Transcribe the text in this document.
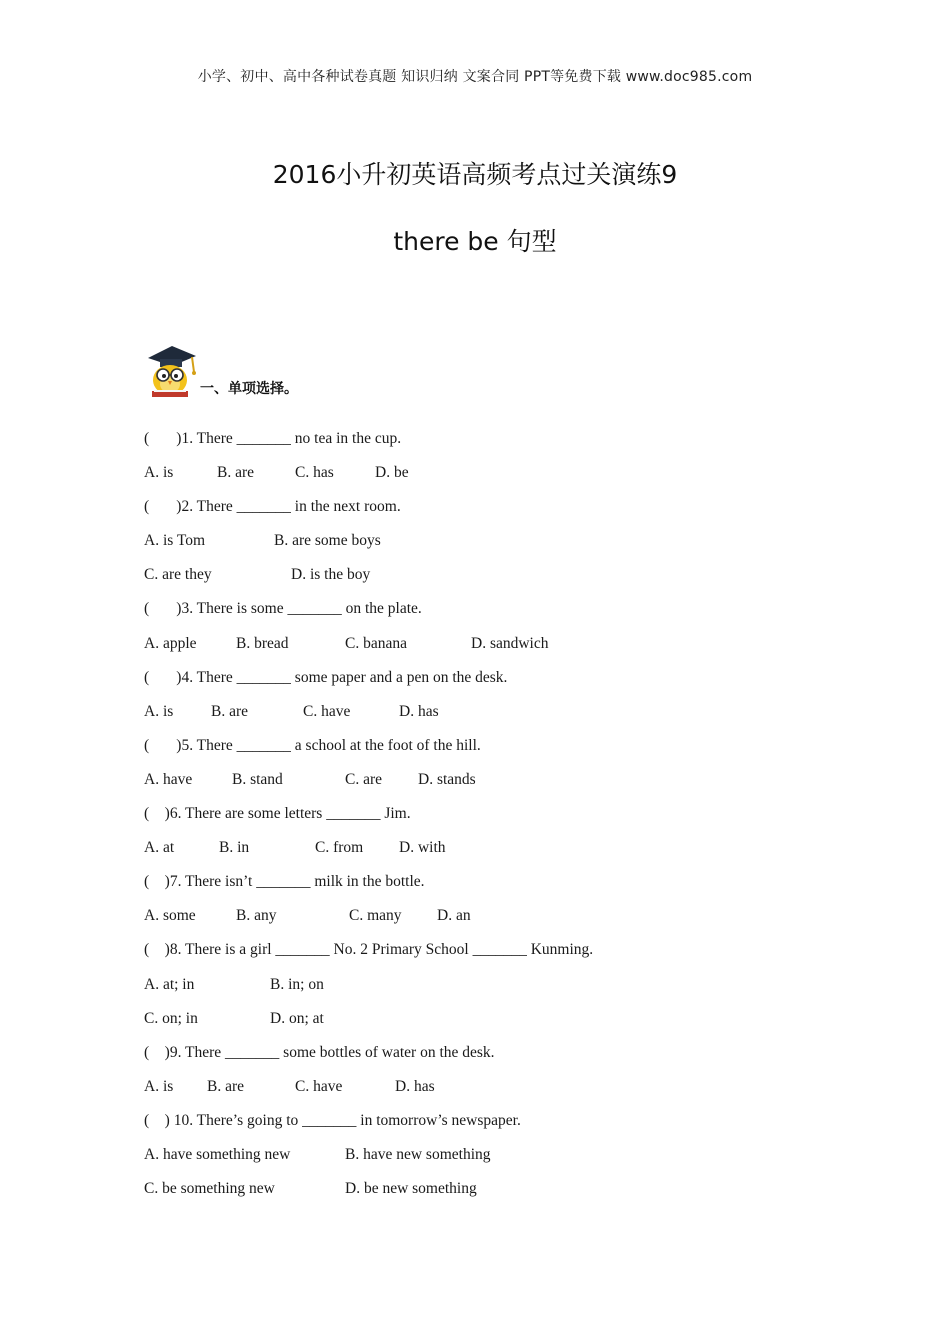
小学、初中、高中各种试卷真题 知识归纳 文案合同 PPT等免费下载 www.doc985.com
2016小升初英语高频考点过关演练9
there be 句型
一、单项选择。
(       )1. There _______ no tea in the cup.

A. is

	B. are

	C. has

	D. be

(       )2. There _______ in the next room.

A. is Tom

	B. are some boys

C. are they

	D. is the boy

(       )3. There is some _______ on the plate.

A. apple

	B. bread

	C. banana

	D. sandwich

(       )4. There _______ some paper and a pen on the desk.

A. is

B. are

	C. have

	D. has

(       )5. There _______ a school at the foot of the hill.

A. have

	B. stand

	C. are

D. stands

(    )6. There are some letters _______ Jim.

A. at

	B. in

	C. from

D. with

(    )7. There isn’t _______ milk in the bottle.

A. some

	B. any

	C. many

D. an

(    )8. There is a girl _______ No. 2 Primary School _______ Kunming.

A. at; in

	B. in; on

C. on; in

	D. on; at

(    )9. There _______ some bottles of water on the desk.

A. is

B. are

	C. have

	D. has

(    ) 10. There’s going to _______ in tomorrow’s newspaper.

A. have something new

	B. have new something

C. be something new

	D. be new something
